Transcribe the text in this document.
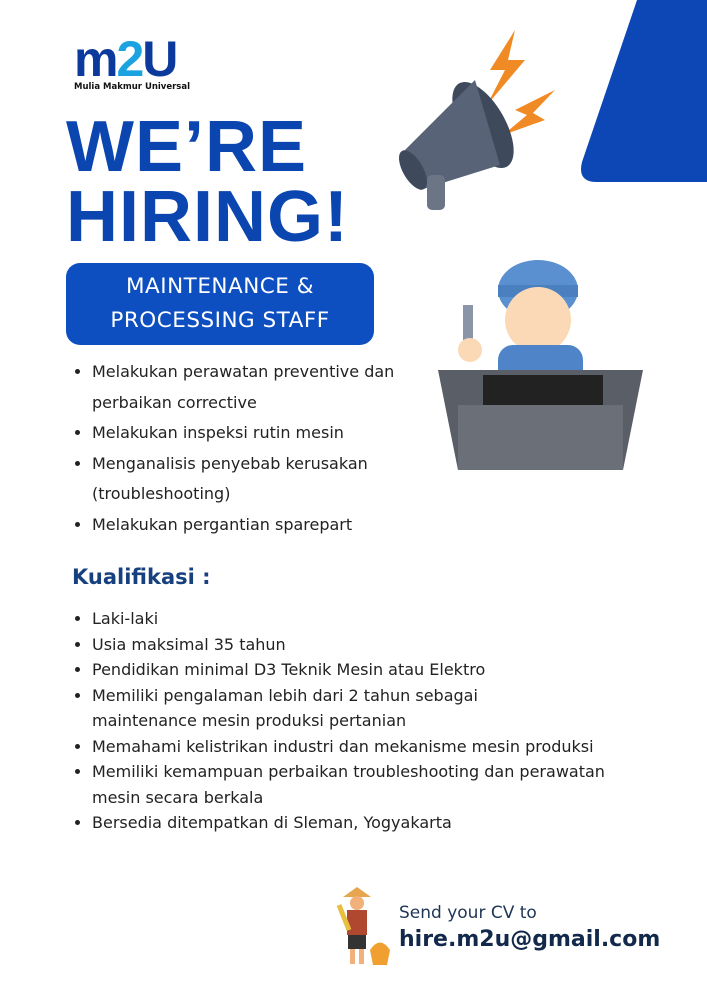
m2U
Mulia Makmur Universal
WE’RE
HIRING!
MAINTENANCE &
PROCESSING STAFF
• Melakukan perawatan preventive dan perbaikan corrective
• Melakukan inspeksi rutin mesin
• Menganalisis penyebab kerusakan (troubleshooting)
• Melakukan pergantian sparepart
Kualifikasi :
• Laki-laki
• Usia maksimal 35 tahun
• Pendidikan minimal D3 Teknik Mesin atau Elektro
• Memiliki pengalaman lebih dari 2 tahun sebagai maintenance mesin produksi pertanian
• Memahami kelistrikan industri dan mekanisme mesin produksi
• Memiliki kemampuan perbaikan troubleshooting dan perawatan mesin secara berkala
• Bersedia ditempatkan di Sleman, Yogyakarta
Send your CV to
hire.m2u@gmail.com
